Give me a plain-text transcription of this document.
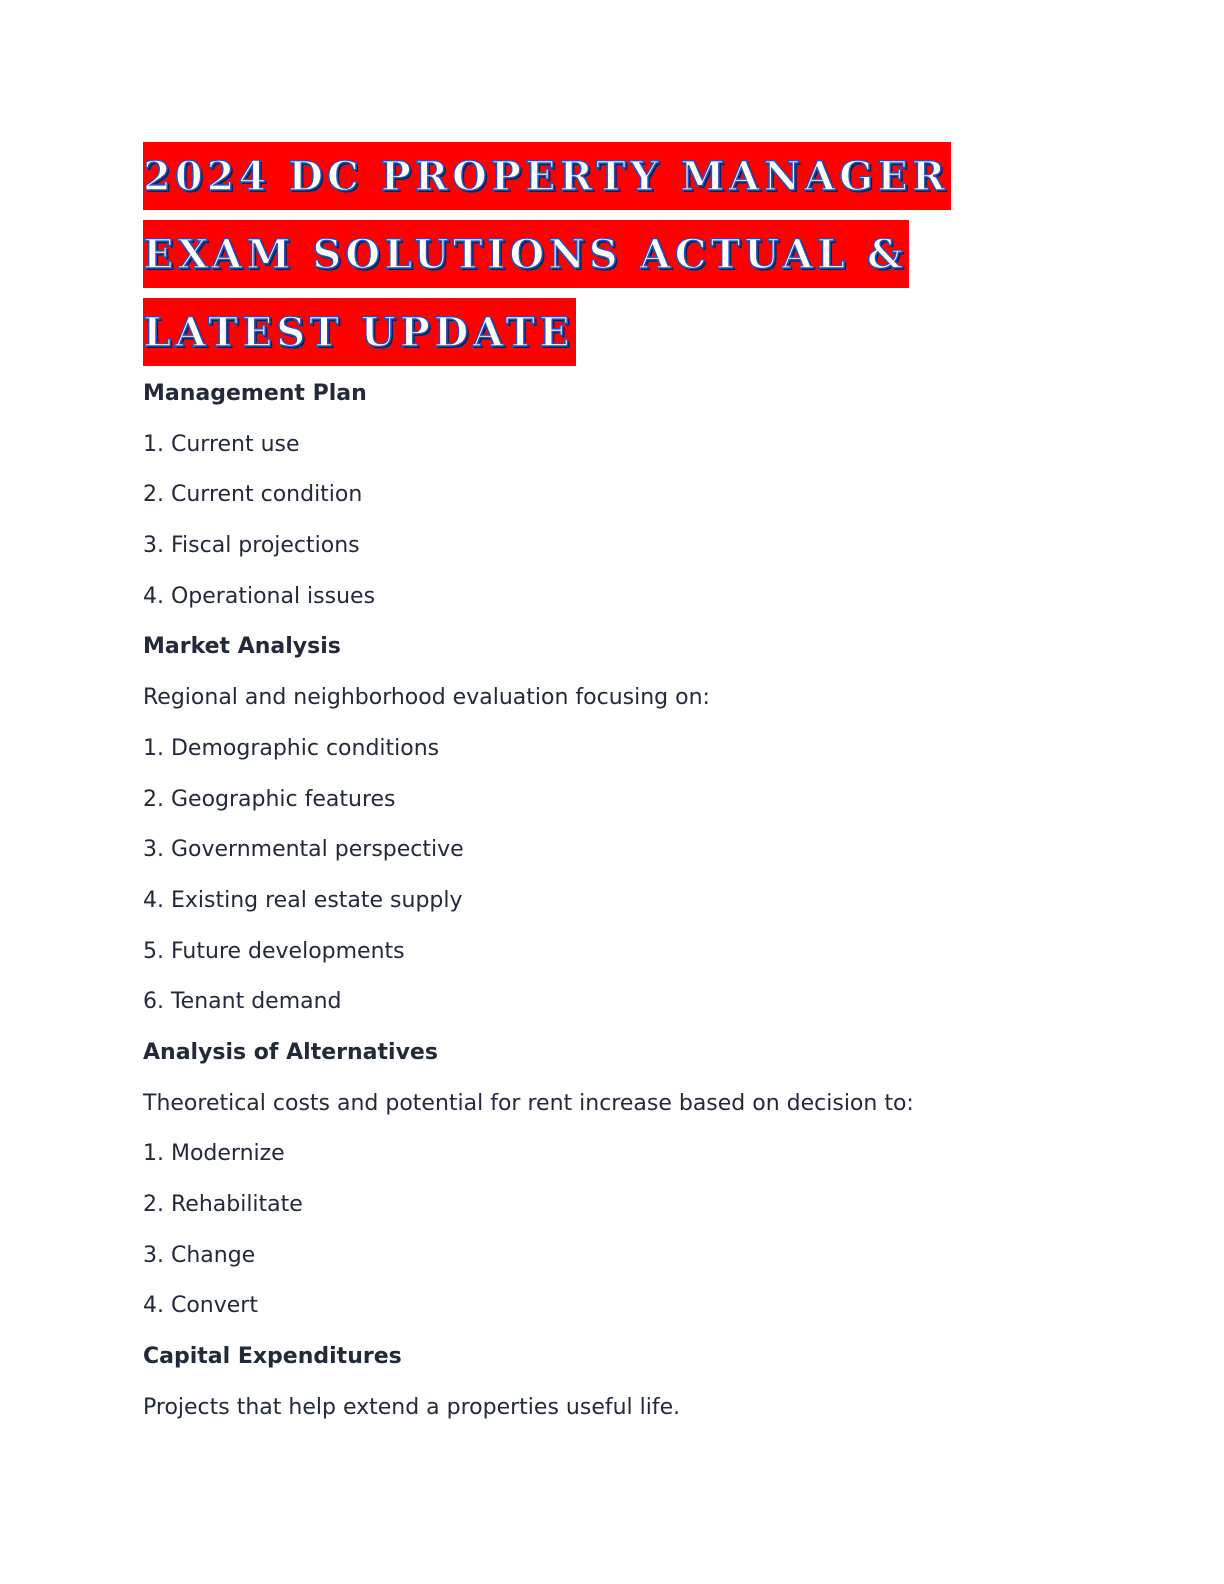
2024 DC PROPERTY MANAGER
EXAM SOLUTIONS ACTUAL &
LATEST UPDATE
Management Plan
1. Current use
2. Current condition
3. Fiscal projections
4. Operational issues
Market Analysis
Regional and neighborhood evaluation focusing on:
1. Demographic conditions
2. Geographic features
3. Governmental perspective
4. Existing real estate supply
5. Future developments
6. Tenant demand
Analysis of Alternatives
Theoretical costs and potential for rent increase based on decision to:
1. Modernize
2. Rehabilitate
3. Change
4. Convert
Capital Expenditures
Projects that help extend a properties useful life.
